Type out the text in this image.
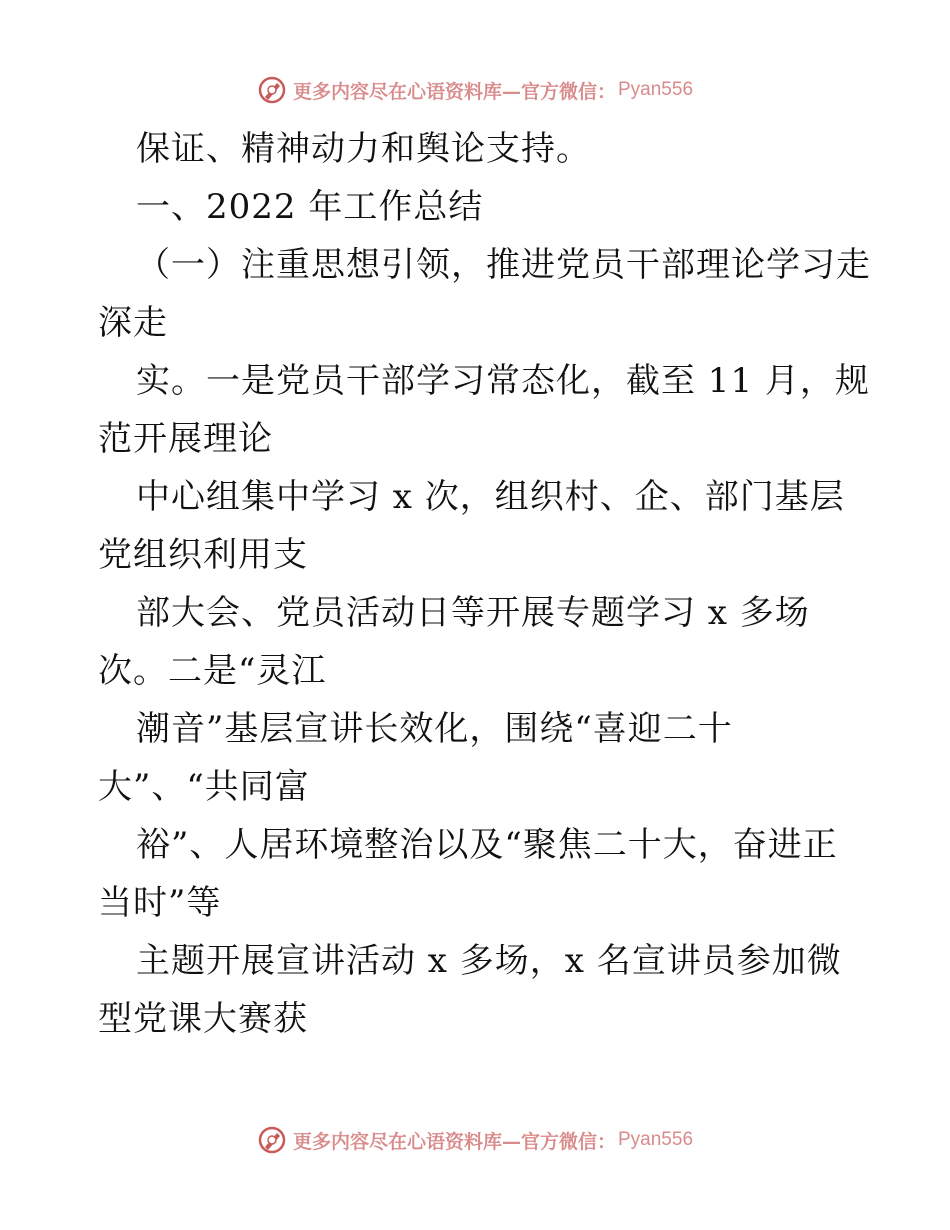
更多内容尽在心语资料库—官方微信： Pyan556
保证、精神动力和舆论支持。
一、2022 年工作总结
（一）注重思想引领，推进党员干部理论学习走
深走
实。一是党员干部学习常态化，截至 11 月，规
范开展理论
中心组集中学习 x 次，组织村、企、部门基层
党组织利用支
部大会、党员活动日等开展专题学习 x 多场
次。二是“灵江
潮音”基层宣讲长效化，围绕“喜迎二十
大”、“共同富
裕”、人居环境整治以及“聚焦二十大，奋进正
当时”等
主题开展宣讲活动 x 多场，x 名宣讲员参加微
型党课大赛获
更多内容尽在心语资料库—官方微信： Pyan556
